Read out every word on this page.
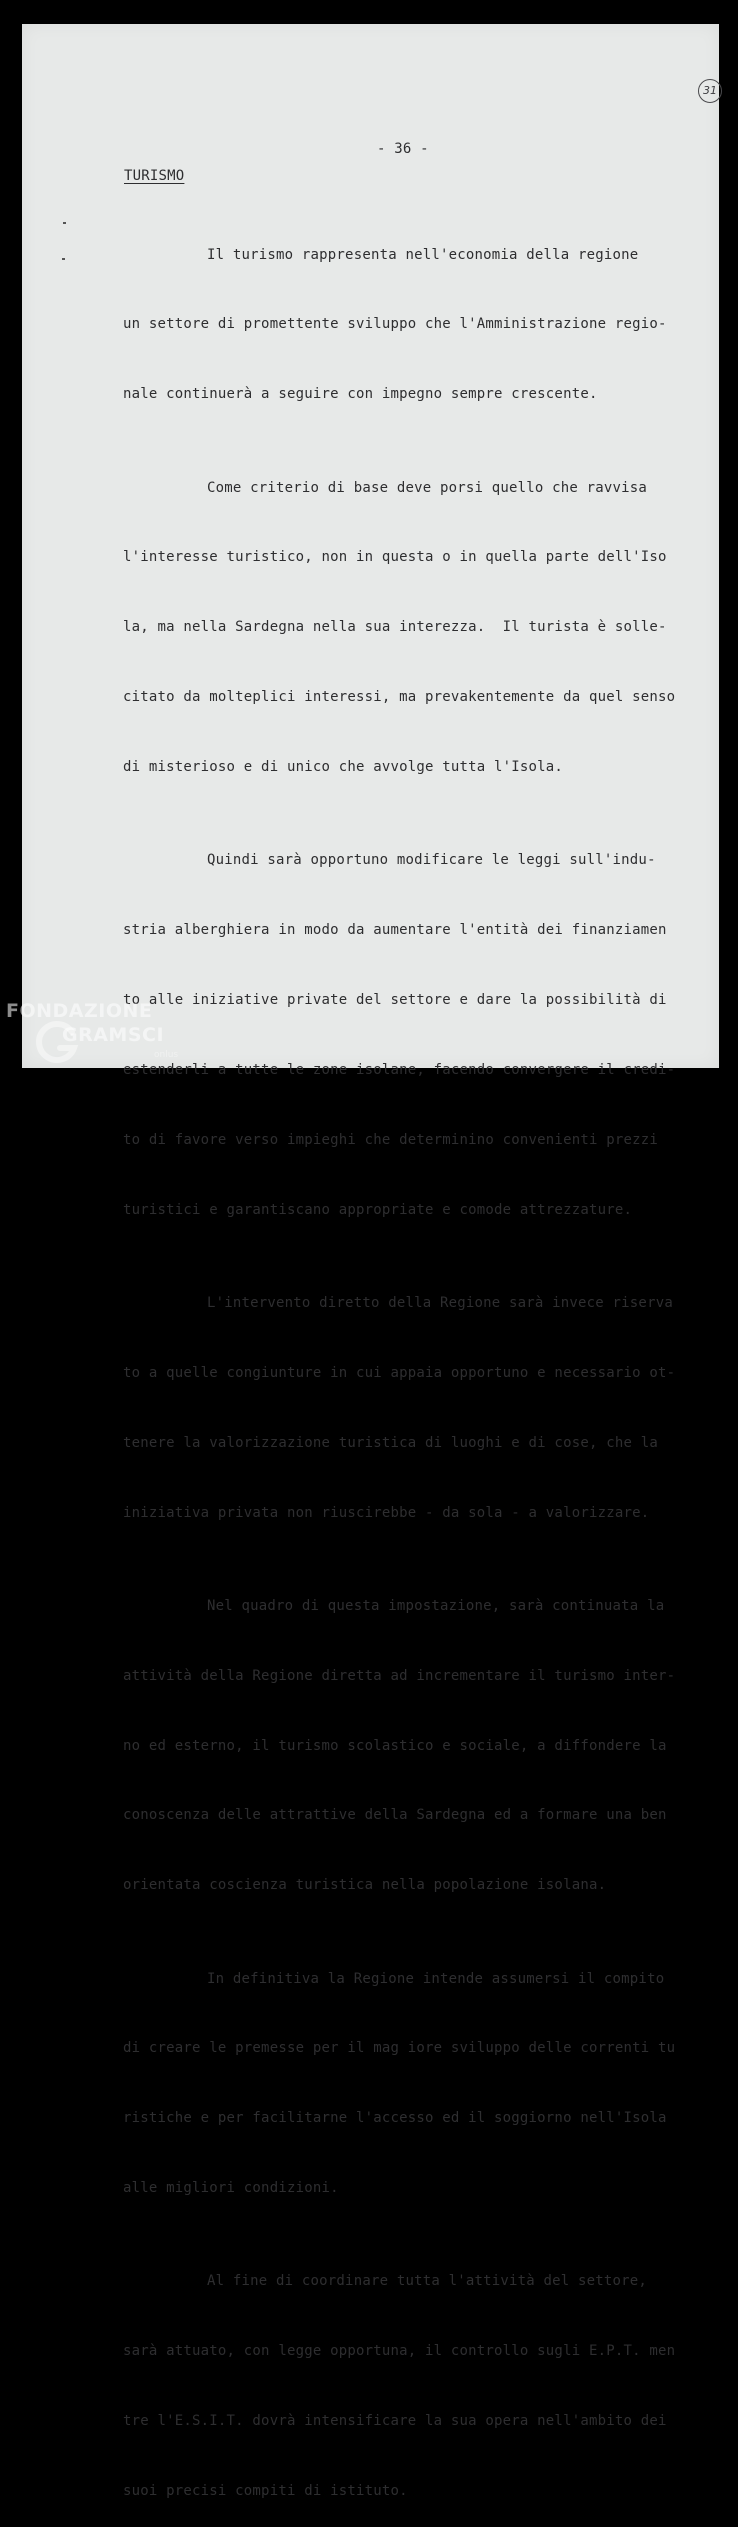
31
- 36 -
TURISMO

Il turismo rappresenta nell'economia della regione

un settore di promettente sviluppo che l'Amministrazione regio-

nale continuerà a seguire con impegno sempre crescente.

Come criterio di base deve porsi quello che ravvisa

l'interesse turistico, non in questa o in quella parte dell'Iso

la, ma nella Sardegna nella sua interezza.  Il turista è solle-

citato da molteplici interessi, ma prevakentemente da quel senso

di misterioso e di unico che avvolge tutta l'Isola.

Quindi sarà opportuno modificare le leggi sull'indu-

stria alberghiera in modo da aumentare l'entità dei finanziamen

to alle iniziative private del settore e dare la possibilità di

estenderli a tutte le zone isolane, facendo convergere il credi-

to di favore verso impieghi che determinino convenienti prezzi

turistici e garantiscano appropriate e comode attrezzature.

L'intervento diretto della Regione sarà invece riserva

to a quelle congiunture in cui appaia opportuno e necessario ot-

tenere la valorizzazione turistica di luoghi e di cose, che la

iniziativa privata non riuscirebbe - da sola - a valorizzare.

Nel quadro di questa impostazione, sarà continuata la

attività della Regione diretta ad incrementare il turismo inter-

no ed esterno, il turismo scolastico e sociale, a diffondere la

conoscenza delle attrattive della Sardegna ed a formare una ben

orientata coscienza turistica nella popolazione isolana.

In definitiva la Regione intende assumersi il compito

di creare le premesse per il mag iore sviluppo delle correnti tu

ristiche e per facilitarne l'accesso ed il soggiorno nell'Isola

alle migliori condizioni.

Al fine di coordinare tutta l'attività del settore,

sarà attuato, con legge opportuna, il controllo sugli E.P.T. men

tre l'E.S.I.T. dovrà intensificare la sua opera nell'ambito dei

suoi precisi compiti di istituto.

FONDAZIONE
GRAMSCI
onlus
